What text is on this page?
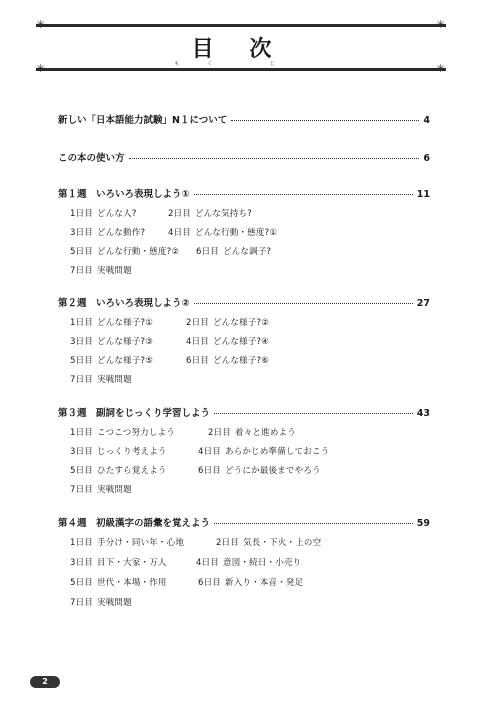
✳	✳
目 次
もく じ
✳	✳
新しい「日本語能力試験」N１について	4
この本の使い方	6
第１週　いろいろ表現しよう①	11
1日目 どんな人?	2日目 どんな気持ち?
3日目 どんな動作?	4日目 どんな行動・態度?①
5日目 どんな行動・態度?② 6日目 どんな調子?
7日目 実戦問題
第２週　いろいろ表現しよう②	27
1日目 どんな様子?①	2日目 どんな様子?②
3日目 どんな様子?③	4日目 どんな様子?④
5日目 どんな様子?⑤	6日目 どんな様子?⑥
7日目 実戦問題
第３週　副詞をじっくり学習しよう	43
1日目 こつこつ努力しよう	2日目 着々と進めよう
3日目 じっくり考えよう	4日目 あらかじめ準備しておこう
5日目 ひたすら覚えよう	6日目 どうにか最後までやろう
7日目 実戦問題
第４週　初級漢字の語彙を覚えよう	59
1日目 手分け・同い年・心地	2日目 気長・下火・上の空
3日目 目下・大家・万人	4日目 意図・続日・小売り
5日目 世代・本場・作用	6日目 新入り・本音・発足
7日目 実戦問題
2
